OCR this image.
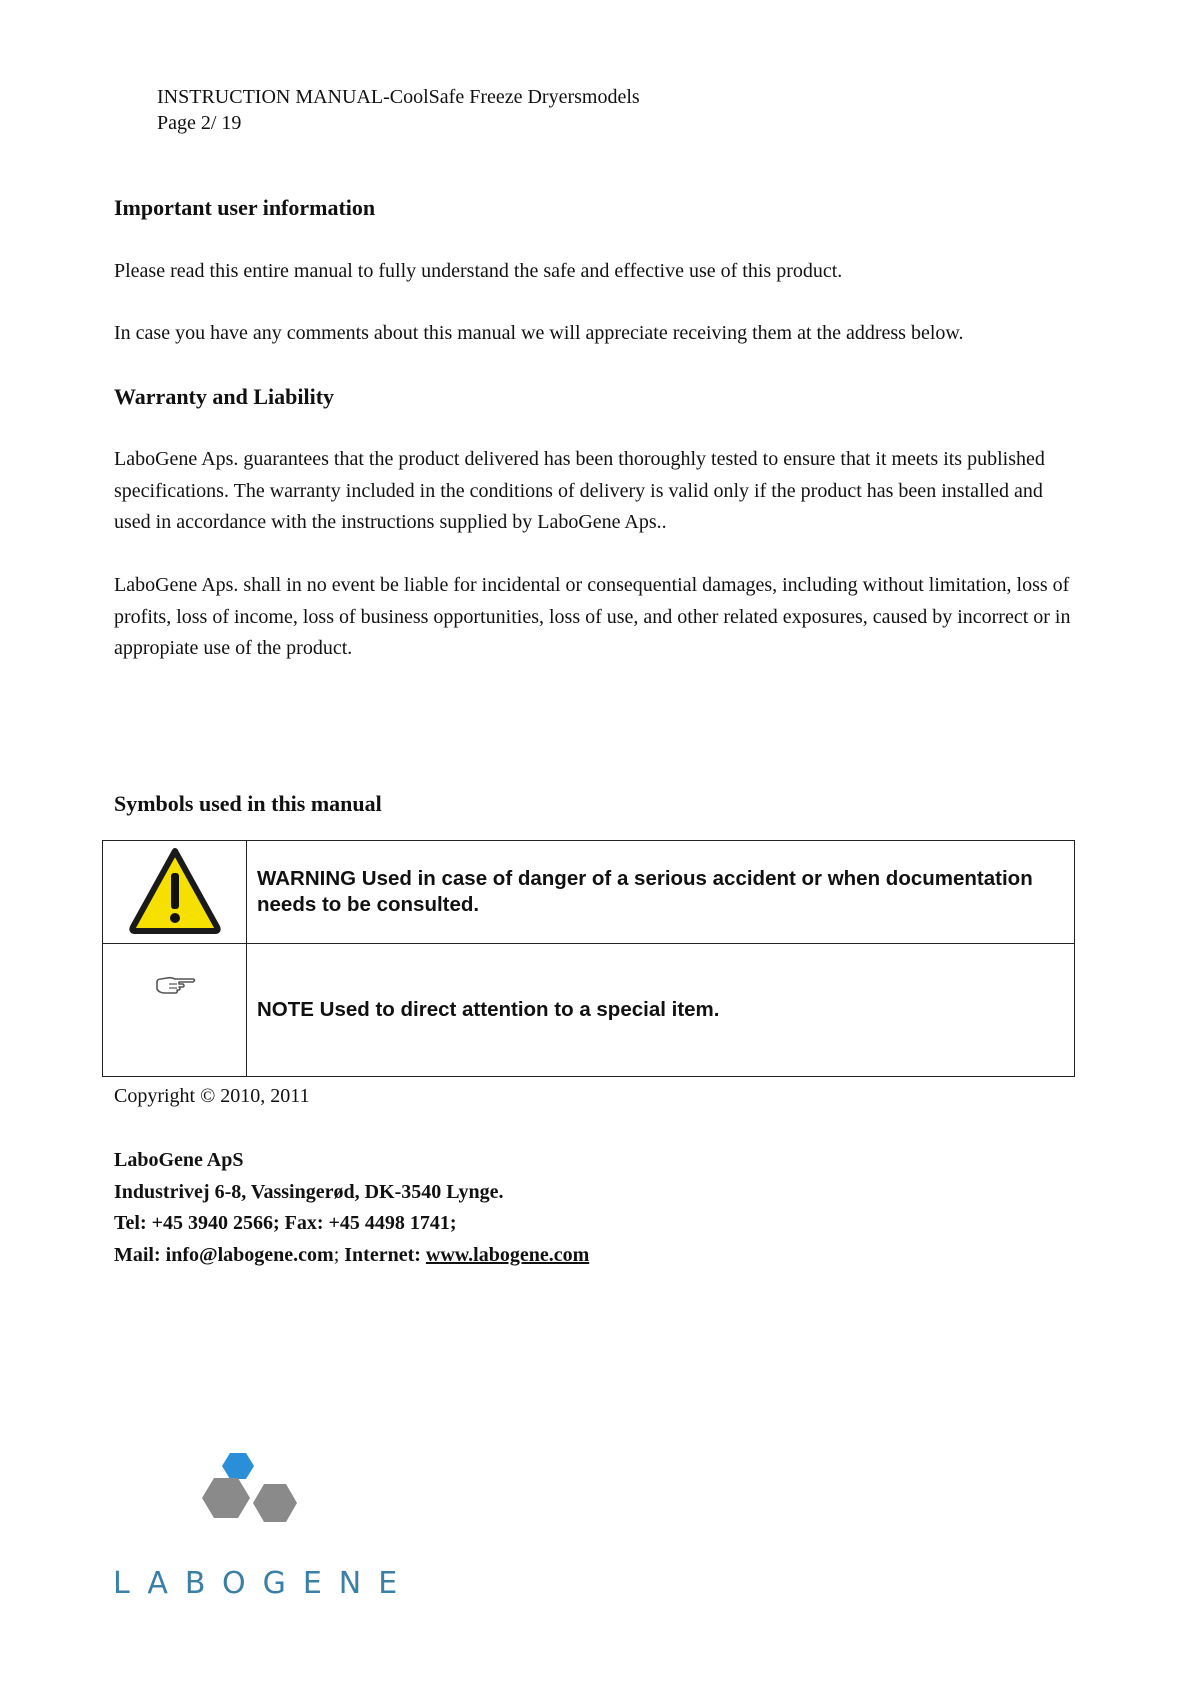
INSTRUCTION MANUAL-CoolSafe Freeze Dryersmodels
Page 2/ 19
Important user information
Please read this entire manual to fully understand the safe and effective use of this product.
In case you have any comments about this manual we will appreciate receiving them at the address below.
Warranty and Liability
LaboGene Aps. guarantees that the product delivered has been thoroughly tested to ensure that it meets its published specifications. The warranty included in the conditions of delivery is valid only if the product has been installed and used in accordance with the instructions supplied by LaboGene Aps..
LaboGene Aps. shall in no event be liable for incidental or consequential damages, including without limitation, loss of profits, loss of income, loss of business opportunities, loss of use, and other related exposures, caused by incorrect or in appropiate use of the product.
Symbols used in this manual
	WARNING Used in case of danger of a serious accident or when documentation needs to be consulted.
	NOTE Used to direct attention to a special item.
Copyright © 2010, 2011
LaboGene ApS
Industrivej 6-8, Vassingerød, DK-3540 Lynge.
Tel: +45 3940 2566; Fax: +45 4498 1741;
Mail: info@labogene.com; Internet: www.labogene.com
LABOGENE
